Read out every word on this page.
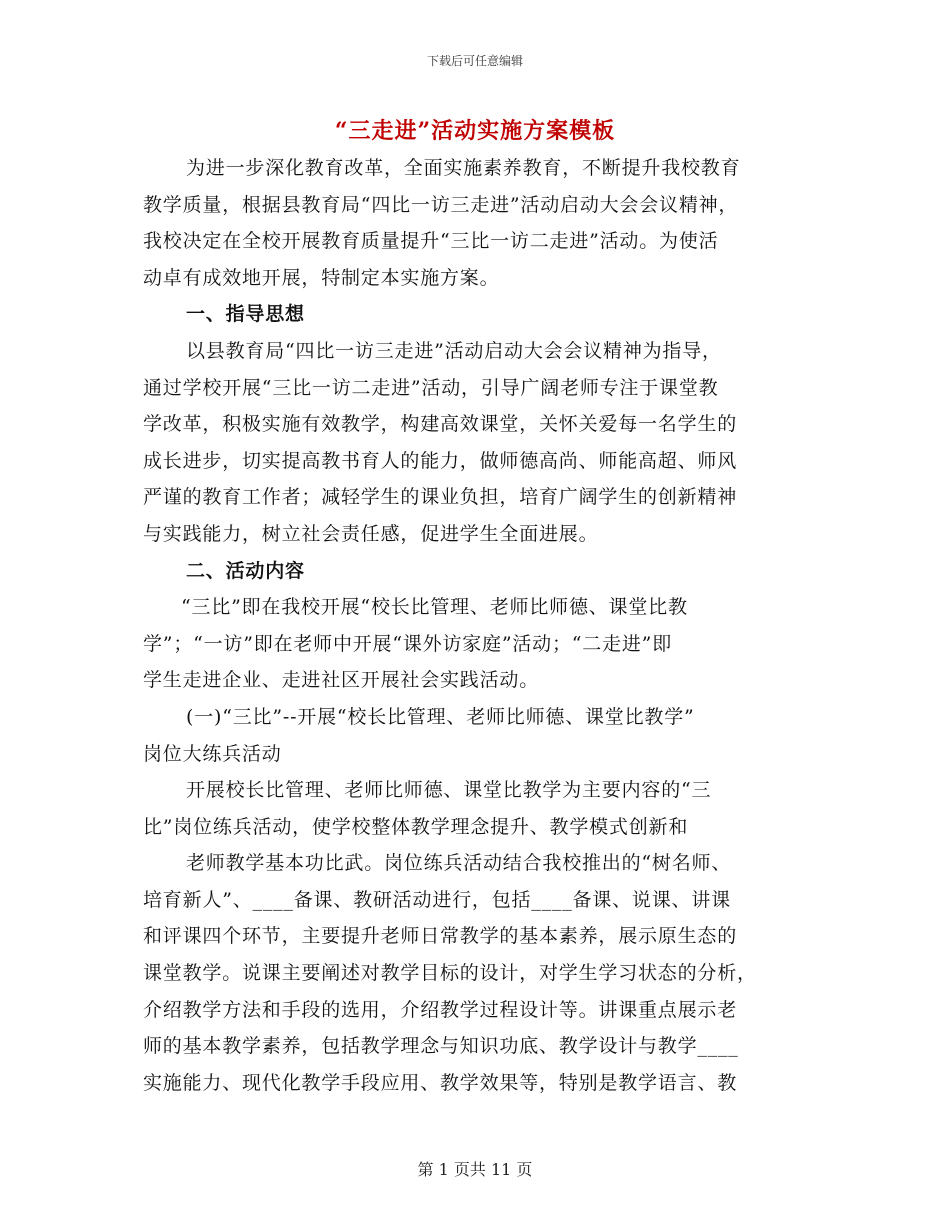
下载后可任意编辑
“三走进”活动实施方案模板
为进一步深化教育改革，全面实施素养教育，不断提升我校教育
教学质量，根据县教育局“四比一访三走进”活动启动大会会议精神，
我校决定在全校开展教育质量提升“三比一访二走进”活动。为使活
动卓有成效地开展，特制定本实施方案。
一、指导思想
以县教育局“四比一访三走进”活动启动大会会议精神为指导，
通过学校开展“三比一访二走进”活动，引导广阔老师专注于课堂教
学改革，积极实施有效教学，构建高效课堂，关怀关爱每一名学生的
成长进步，切实提高教书育人的能力，做师德高尚、师能高超、师风
严谨的教育工作者；减轻学生的课业负担，培育广阔学生的创新精神
与实践能力，树立社会责任感，促进学生全面进展。
二、活动内容
“三比”即在我校开展“校长比管理、老师比师德、课堂比教
学”；“一访”即在老师中开展“课外访家庭”活动；“二走进”即
学生走进企业、走进社区开展社会实践活动。
(一)“三比”--开展“校长比管理、老师比师德、课堂比教学”
岗位大练兵活动
开展校长比管理、老师比师德、课堂比教学为主要内容的“三
比”岗位练兵活动，使学校整体教学理念提升、教学模式创新和
老师教学基本功比武。岗位练兵活动结合我校推出的“树名师、
培育新人”、____备课、教研活动进行，包括____备课、说课、讲课
和评课四个环节，主要提升老师日常教学的基本素养，展示原生态的
课堂教学。说课主要阐述对教学目标的设计，对学生学习状态的分析，
介绍教学方法和手段的选用，介绍教学过程设计等。讲课重点展示老
师的基本教学素养，包括教学理念与知识功底、教学设计与教学____
实施能力、现代化教学手段应用、教学效果等，特别是教学语言、教
第 1 页共 11 页
